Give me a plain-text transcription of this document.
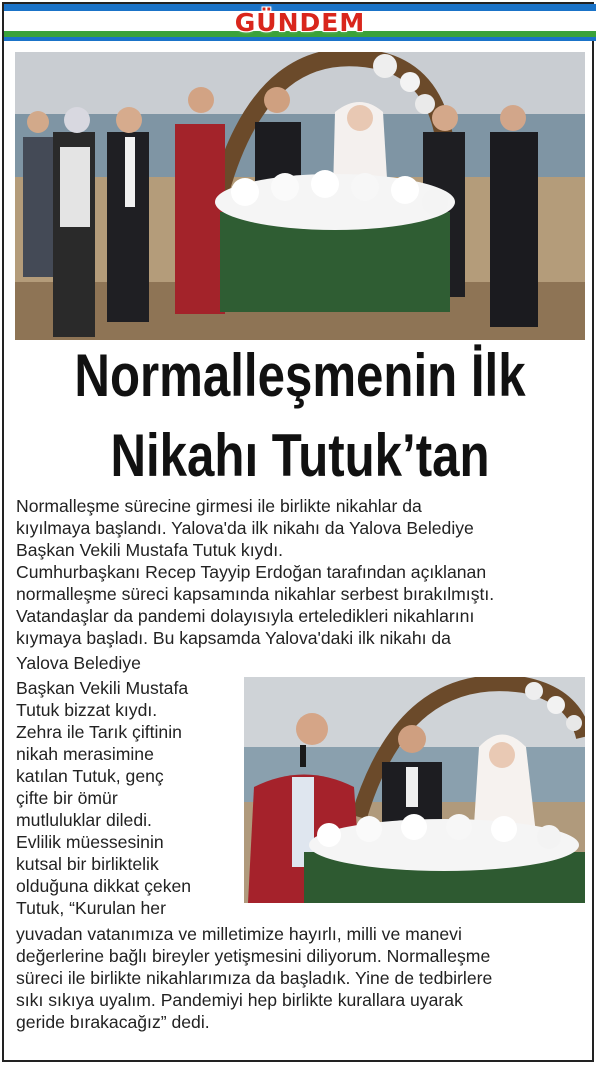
GÜNDEM
Normalleşmenin İlk
Nikahı Tutuk’tan

Normalleşme sürecine girmesi ile birlikte nikahlar da

kıyılmaya başlandı. Yalova'da ilk nikahı da Yalova Belediye

Başkan Vekili Mustafa Tutuk kıydı.

Cumhurbaşkanı Recep Tayyip Erdoğan tarafından açıklanan

normalleşme süreci kapsamında nikahlar serbest bırakılmıştı.

Vatandaşlar da pandemi dolayısıyla erteledikleri nikahlarını

kıymaya başladı. Bu kapsamda Yalova'daki ilk nikahı da

Yalova Belediye

Başkan Vekili Mustafa

Tutuk bizzat kıydı.

Zehra ile Tarık çiftinin

nikah merasimine

katılan Tutuk, genç

çifte bir ömür

mutluluklar diledi.

Evlilik müessesinin

kutsal bir birliktelik

olduğuna dikkat çeken

Tutuk, “Kurulan her

yuvadan vatanımıza ve milletimize hayırlı, milli ve manevi

değerlerine bağlı bireyler yetişmesini diliyorum. Normalleşme

süreci ile birlikte nikahlarımıza da başladık. Yine de tedbirlere

sıkı sıkıya uyalım. Pandemiyi hep birlikte kurallara uyarak

geride bırakacağız” dedi.
